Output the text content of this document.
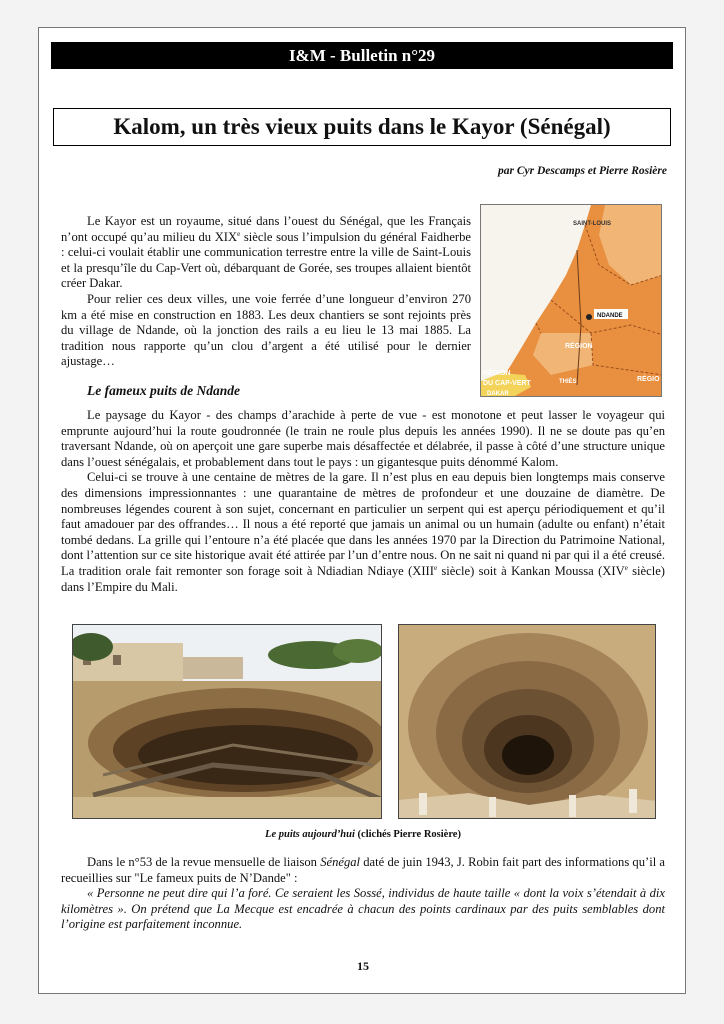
I&M - Bulletin n°29
Kalom, un très vieux puits dans le Kayor (Sénégal)
par Cyr Descamps et Pierre Rosière

Le Kayor est un royaume, situé dans l’ouest du Sénégal, que les Français n’ont occupé qu’au milieu du XIXe siècle sous l’impulsion du général Faidherbe : celui-ci voulait établir une communication terrestre entre la ville de Saint-Louis et la presqu’île du Cap-Vert où, débarquant de Gorée, ses troupes allaient bientôt créer Dakar.

Pour relier ces deux villes, une voie ferrée d’une longueur d’environ 270 km a été mise en construction en 1883. Les deux chantiers se sont rejoints près du village de Ndande, où la jonction des rails a eu lieu le 13 mai 1885. La tradition nous rapporte qu’un clou d’argent a été utilisé pour le dernier ajustage…

SAINT-LOUIS
NDANDE
RÉGION
RÉGION DU CAP-VERT
DAKAR
THIÈS	RÉGIO
Le fameux puits de Ndande

Le paysage du Kayor - des champs d’arachide à perte de vue - est monotone et peut lasser le voyageur qui emprunte aujourd’hui la route goudronnée (le train ne roule plus depuis les années 1990). Il ne se doute pas qu’en traversant Ndande, où on aperçoit une gare superbe mais désaffectée et délabrée, il passe à côté d’une structure unique dans l’ouest sénégalais, et probablement dans tout le pays : un gigantesque puits dénommé Kalom.

Celui-ci se trouve à une centaine de mètres de la gare. Il n’est plus en eau depuis bien longtemps mais conserve des dimensions impressionnantes : une quarantaine de mètres de profondeur et une douzaine de diamètre. De nombreuses légendes courent à son sujet, concernant en particulier un serpent qui est aperçu périodiquement et qu’il faut amadouer par des offrandes… Il nous a été reporté que jamais un animal ou un humain (adulte ou enfant) n’était tombé dedans. La grille qui l’entoure n’a été placée que dans les années 1970 par la Direction du Patrimoine National, dont l’attention sur ce site historique avait été attirée par l’un d’entre nous. On ne sait ni quand ni par qui il a été creusé. La tradition orale fait remonter son forage soit à Ndiadian Ndiaye (XIIIe siècle) soit à Kankan Moussa (XIVe siècle) dans l’Empire du Mali.

Le puits aujourd’hui (clichés Pierre Rosière)

Dans le n°53 de la revue mensuelle de liaison Sénégal daté de juin 1943, J. Robin fait part des informations qu’il a recueillies sur "Le fameux puits de N’Dande" :

« Personne ne peut dire qui l’a foré. Ce seraient les Sossé, individus de haute taille « dont la voix s’étendait à dix kilomètres ». On prétend que La Mecque est encadrée à chacun des points cardinaux par des puits semblables dont l’origine est parfaitement inconnue.

15
